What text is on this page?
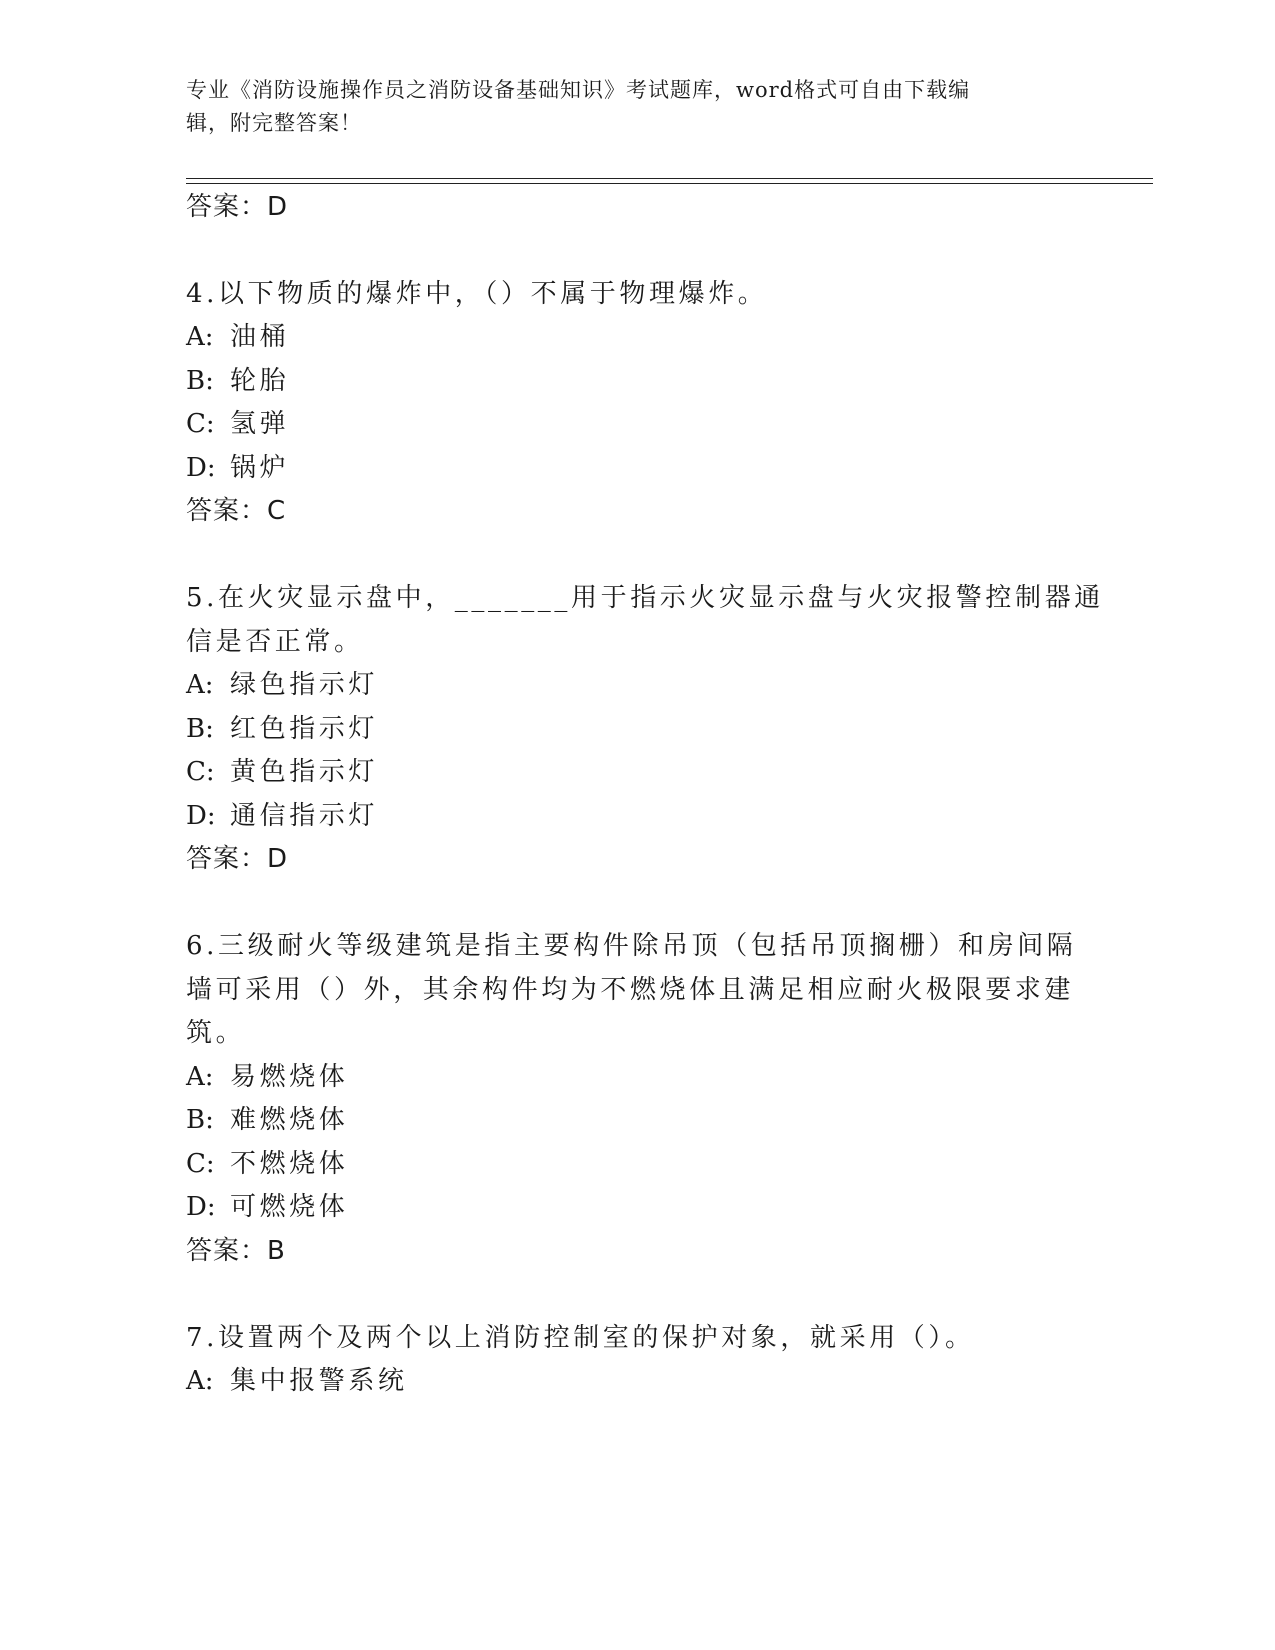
专业《消防设施操作员之消防设备基础知识》考试题库，word格式可自由下载编
辑，附完整答案！
答案：D
4.以下物质的爆炸中，（）不属于物理爆炸。
A: 油桶
B: 轮胎
C: 氢弹
D: 锅炉
答案：C
5.在火灾显示盘中，_______用于指示火灾显示盘与火灾报警控制器通
信是否正常。
A: 绿色指示灯
B: 红色指示灯
C: 黄色指示灯
D: 通信指示灯
答案：D
6.三级耐火等级建筑是指主要构件除吊顶（包括吊顶搁栅）和房间隔
墙可采用（）外，其余构件均为不燃烧体且满足相应耐火极限要求建
筑。
A: 易燃烧体
B: 难燃烧体
C: 不燃烧体
D: 可燃烧体
答案：B
7.设置两个及两个以上消防控制室的保护对象，就采用（）。
A: 集中报警系统
